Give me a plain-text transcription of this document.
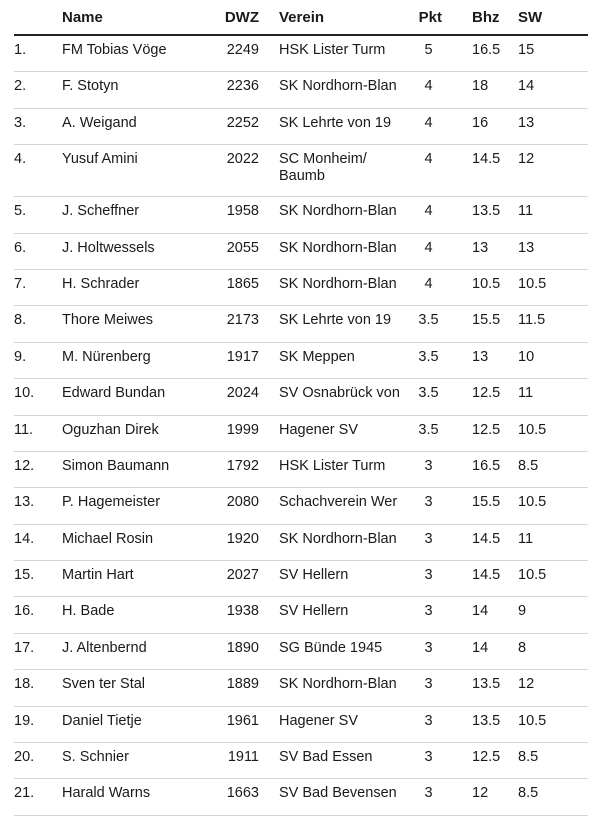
	Name	DWZ	Verein	Pkt	Bhz	SW
1.	FM Tobias Vöge	2249	HSK Lister Turm	5	16.5	15
2.	F. Stotyn	2236	SK Nordhorn-Blan	4	18	14
3.	A. Weigand	2252	SK Lehrte von 19	4	16	13
4.	Yusuf Amini	2022	SC Monheim/ Baumb	4	14.5	12
5.	J. Scheffner	1958	SK Nordhorn-Blan	4	13.5	11
6.	J. Holtwessels	2055	SK Nordhorn-Blan	4	13	13
7.	H. Schrader	1865	SK Nordhorn-Blan	4	10.5	10.5
8.	Thore Meiwes	2173	SK Lehrte von 19	3.5	15.5	11.5
9.	M. Nürenberg	1917	SK Meppen	3.5	13	10
10.	Edward Bundan	2024	SV Osnabrück von	3.5	12.5	11
11.	Oguzhan Direk	1999	Hagener SV	3.5	12.5	10.5
12.	Simon Baumann	1792	HSK Lister Turm	3	16.5	8.5
13.	P. Hagemeister	2080	Schachverein Wer	3	15.5	10.5
14.	Michael Rosin	1920	SK Nordhorn-Blan	3	14.5	11
15.	Martin Hart	2027	SV Hellern	3	14.5	10.5
16.	H. Bade	1938	SV Hellern	3	14	9
17.	J. Altenbernd	1890	SG Bünde 1945	3	14	8
18.	Sven ter Stal	1889	SK Nordhorn-Blan	3	13.5	12
19.	Daniel Tietje	1961	Hagener SV	3	13.5	10.5
20.	S. Schnier	1911	SV Bad Essen	3	12.5	8.5
21.	Harald Warns	1663	SV Bad Bevensen	3	12	8.5
